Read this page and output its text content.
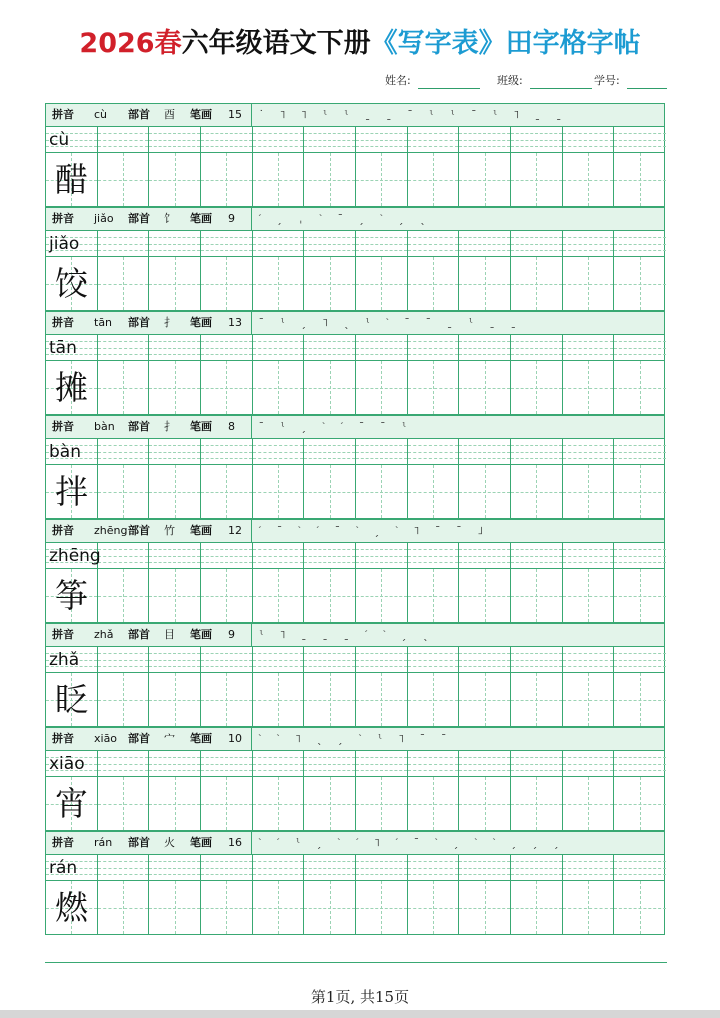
2026春六年级语文下册《写字表》田字格字帖
姓名:	班级:	学号:
拼音 cù 部首 酉 笔画 15 ˙ ˥ ˥ ˡ ˡ ˍ ˍ ˉ ˡ ˡ ˉ ˡ ˥ ˍ ˍ
cù
醋
拼音 jiǎo 部首 饣 笔画 9 ˊ ˏ ˌ ˋ ˉ ˏ ˋ ˏ ˎ
jiǎo
饺
拼音 tān 部首 扌 笔画 13 ˉ ˡ ˏ ˥ ˎ ˡ ˋ ˉ ˉ ˍ ˡ ˍ ˍ
tān
摊
拼音 bàn 部首 扌 笔画 8 ˉ ˡ ˏ ˋ ˊ ˉ ˉ ˡ
bàn
拌
拼音 zhēng 部首 竹 笔画 12 ˊ ˉ ˋ ˊ ˉ ˋ ˏ ˋ ˥ ˉ ˉ ˩
zhēng
筝
拼音 zhǎ 部首 目 笔画 9 ˡ ˥ ˍ ˍ ˍ ˊ ˋ ˏ ˎ
zhǎ
眨
拼音 xiāo 部首 宀 笔画 10 ˋ ˋ ˥ ˎ ˏ ˋ ˡ ˥ ˉ ˉ
xiāo
宵
拼音 rán 部首 火 笔画 16 ˋ ˊ ˡ ˏ ˋ ˊ ˥ ˊ ˉ ˋ ˏ ˋ ˋ ˏ ˏ ˏ
rán
燃
第1页, 共15页
